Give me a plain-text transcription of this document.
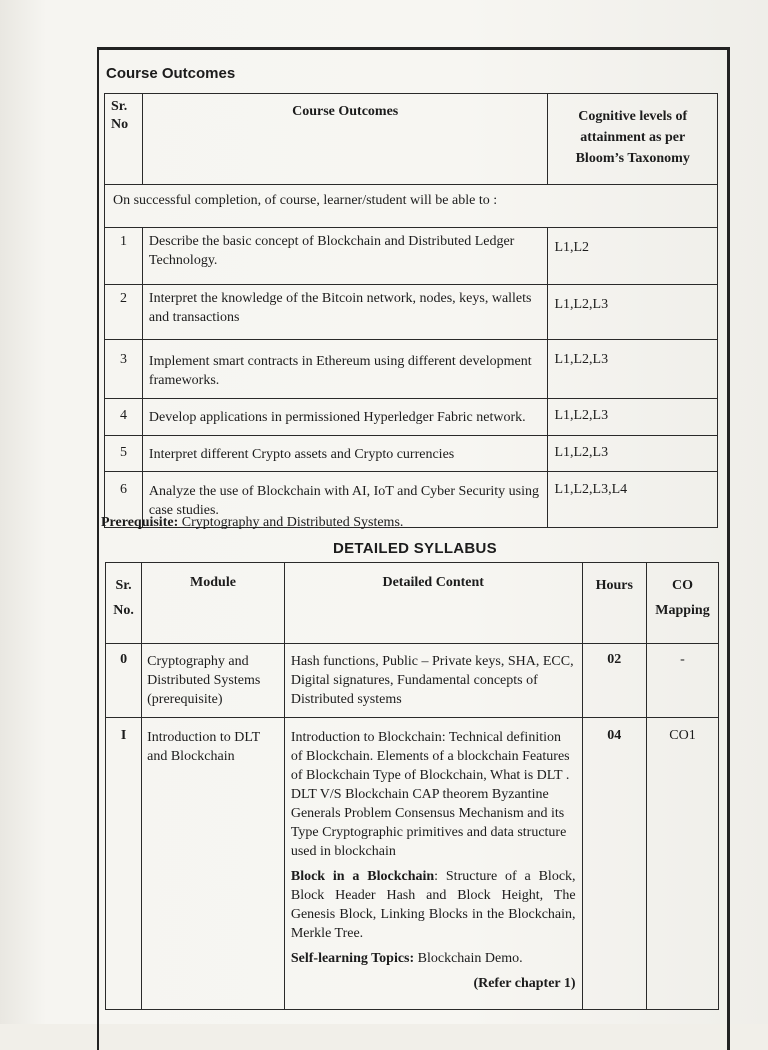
Course Outcomes
Sr.
No	Course Outcomes	Cognitive levels of attainment as per Bloom’s Taxonomy
On successful completion, of course, learner/student will be able to :		
1	Describe the basic concept of Blockchain and Distributed Ledger Technology.	L1,L2
2	Interpret the knowledge of the Bitcoin network, nodes, keys, wallets and transactions	L1,L2,L3
3	Implement smart contracts in Ethereum using different development frameworks.	L1,L2,L3
4	Develop applications in permissioned Hyperledger Fabric network.	L1,L2,L3
5	Interpret different Crypto assets and Crypto currencies	L1,L2,L3
6	Analyze the use of Blockchain with AI, IoT and Cyber Security using case studies.	L1,L2,L3,L4
Prerequisite: Cryptography and Distributed Systems.
DETAILED SYLLABUS
Sr.
No.	Module	Detailed Content	Hours	CO
Mapping
0	Cryptography and Distributed Systems (prerequisite)	Hash functions, Public – Private keys, SHA, ECC, Digital signatures, Fundamental concepts of Distributed systems	02	-
I	Introduction to DLT and Blockchain	Introduction to Blockchain: Technical definition of Blockchain. Elements of a blockchain Features of Blockchain Type of Blockchain, What is DLT . DLT V/S Blockchain CAP theorem Byzantine Generals Problem Consensus Mechanism and its Type Cryptographic primitives and data structure used in blockchain

Block in a Blockchain: Structure of a Block, Block Header Hash and Block Height, The Genesis Block, Linking Blocks in the Blockchain, Merkle Tree.

Self-learning Topics: Blockchain Demo.

(Refer chapter 1)	04	CO1
